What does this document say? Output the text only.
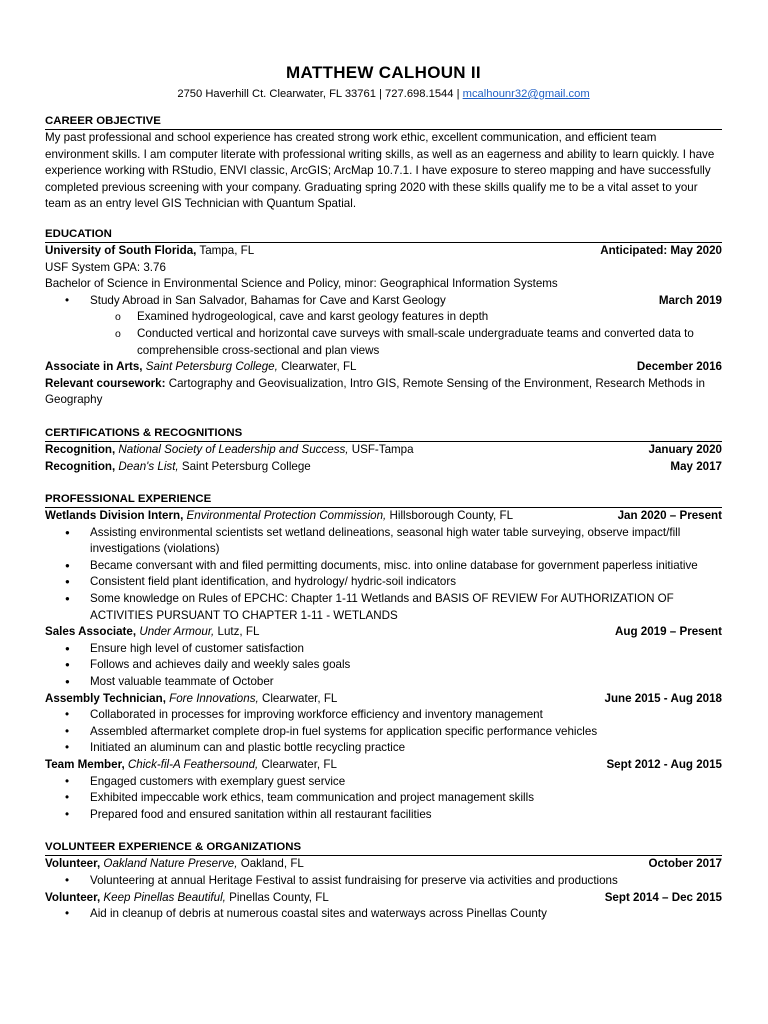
MATTHEW CALHOUN II
2750 Haverhill Ct. Clearwater, FL 33761 | 727.698.1544 | mcalhounr32@gmail.com
CAREER OBJECTIVE
My past professional and school experience has created strong work ethic, excellent communication, and efficient team environment skills. I am computer literate with professional writing skills, as well as an eagerness and ability to learn quickly. I have experience working with RStudio, ENVI classic, ArcGIS; ArcMap 10.7.1. I have exposure to stereo mapping and have successfully completed previous screening with your company. Graduating spring 2020 with these skills qualify me to be a vital asset to your team as an entry level GIS Technician with Quantum Spatial.
EDUCATION
University of South Florida, Tampa, FL	Anticipated: May 2020
USF System GPA: 3.76
Bachelor of Science in Environmental Science and Policy, minor: Geographical Information Systems
• Study Abroad in San Salvador, Bahamas for Cave and Karst Geology	March 2019
o Examined hydrogeological, cave and karst geology features in depth
o Conducted vertical and horizontal cave surveys with small-scale undergraduate teams and converted data to comprehensible cross-sectional and plan views
Associate in Arts, Saint Petersburg College, Clearwater, FL	December 2016
Relevant coursework: Cartography and Geovisualization, Intro GIS, Remote Sensing of the Environment, Research Methods in Geography
CERTIFICATIONS & RECOGNITIONS
Recognition, National Society of Leadership and Success, USF-Tampa	January 2020
Recognition, Dean's List, Saint Petersburg College	May 2017
PROFESSIONAL EXPERIENCE
Wetlands Division Intern, Environmental Protection Commission, Hillsborough County, FL	Jan 2020 – Present
● Assisting environmental scientists set wetland delineations, seasonal high water table surveying, observe impact/fill investigations (violations)
● Became conversant with and filed permitting documents, misc. into online database for government paperless initiative
● Consistent field plant identification, and hydrology/ hydric-soil indicators
● Some knowledge on Rules of EPCHC: Chapter 1-11 Wetlands and BASIS OF REVIEW For AUTHORIZATION OF ACTIVITIES PURSUANT TO CHAPTER 1-11 - WETLANDS
Sales Associate, Under Armour, Lutz, FL	Aug 2019 – Present
● Ensure high level of customer satisfaction
● Follows and achieves daily and weekly sales goals
● Most valuable teammate of October
Assembly Technician, Fore Innovations, Clearwater, FL	June 2015 - Aug 2018
• Collaborated in processes for improving workforce efficiency and inventory management
• Assembled aftermarket complete drop-in fuel systems for application specific performance vehicles
• Initiated an aluminum can and plastic bottle recycling practice
Team Member, Chick-fil-A Feathersound, Clearwater, FL	Sept 2012 - Aug 2015
• Engaged customers with exemplary guest service
• Exhibited impeccable work ethics, team communication and project management skills
• Prepared food and ensured sanitation within all restaurant facilities
VOLUNTEER EXPERIENCE & ORGANIZATIONS
Volunteer, Oakland Nature Preserve, Oakland, FL	October 2017
• Volunteering at annual Heritage Festival to assist fundraising for preserve via activities and productions
Volunteer, Keep Pinellas Beautiful, Pinellas County, FL	Sept 2014 – Dec 2015
• Aid in cleanup of debris at numerous coastal sites and waterways across Pinellas County
